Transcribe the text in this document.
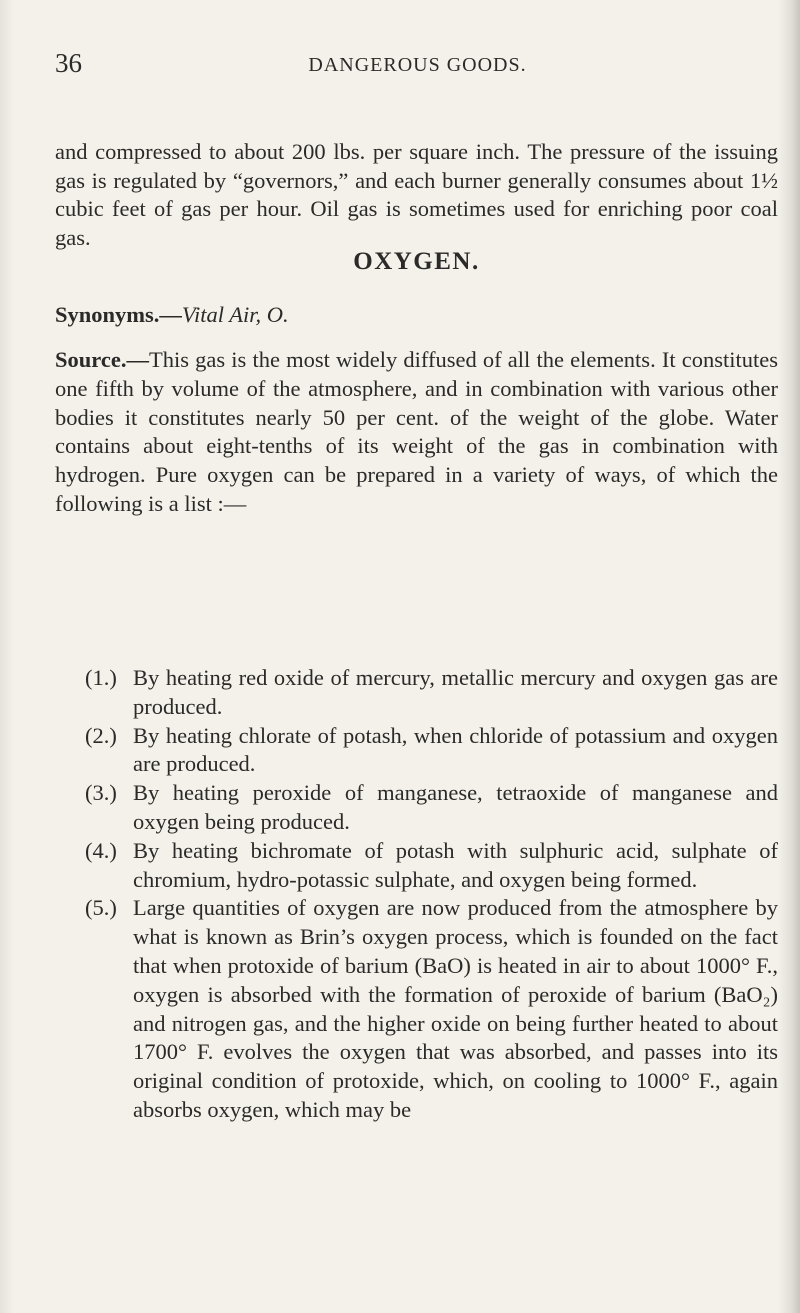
36	DANGEROUS GOODS.

and compressed to about 200 lbs. per square inch. The pressure of the issuing gas is regulated by “governors,” and each burner generally consumes about 1½ cubic feet of gas per hour. Oil gas is sometimes used for enriching poor coal gas.

OXYGEN.
Synonyms.—Vital Air, O.
Source.—This gas is the most widely diffused of all the elements. It constitutes one fifth by volume of the atmosphere, and in combination with various other bodies it constitutes nearly 50 per cent. of the weight of the globe. Water contains about eight-tenths of its weight of the gas in combination with hydrogen. Pure oxygen can be prepared in a variety of ways, of which the following is a list :—
(1.) By heating red oxide of mercury, metallic mercury and oxygen gas are produced.
(2.) By heating chlorate of potash, when chloride of potassium and oxygen are produced.
(3.) By heating peroxide of manganese, tetraoxide of manganese and oxygen being produced.
(4.) By heating bichromate of potash with sulphuric acid, sulphate of chromium, hydro-potassic sulphate, and oxygen being formed.
(5.) Large quantities of oxygen are now produced from the atmosphere by what is known as Brin’s oxygen process, which is founded on the fact that when protoxide of barium (BaO) is heated in air to about 1000° F., oxygen is absorbed with the formation of peroxide of barium (BaO₂) and nitrogen gas, and the higher oxide on being further heated to about 1700° F. evolves the oxygen that was absorbed, and passes into its original condition of protoxide, which, on cooling to 1000° F., again absorbs oxygen, which may be
